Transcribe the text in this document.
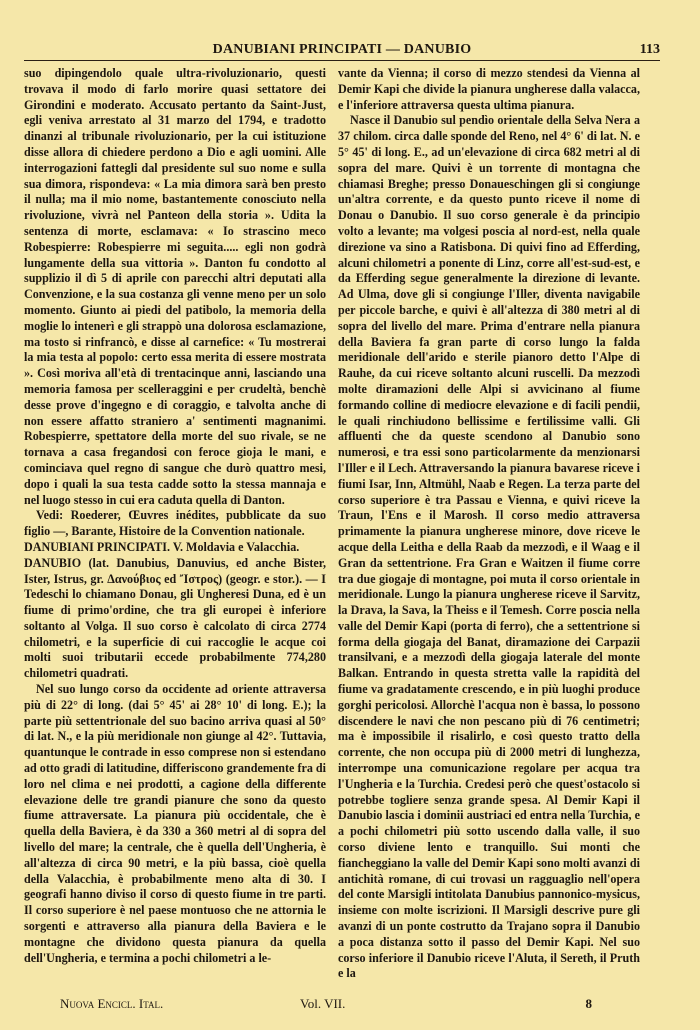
DANUBIANI PRINCIPATI — DANUBIO	113

suo dipingendolo quale ultra-rivoluzionario, questi trovava il modo di farlo morire quasi settatore dei Girondini e moderato. Accusato pertanto da Saint-Just, egli veniva arrestato al 31 marzo del 1794, e tradotto dinanzi al tribunale rivoluzionario, per la cui istituzione disse allora di chiedere perdono a Dio e agli uomini. Alle interrogazioni fattegli dal presidente sul suo nome e sulla sua dimora, rispondeva: « La mia dimora sarà ben presto il nulla; ma il mio nome, bastantemente conosciuto nella rivoluzione, vivrà nel Panteon della storia ». Udita la sentenza di morte, esclamava: « Io strascino meco Robespierre: Robespierre mi seguita..... egli non godrà lungamente della sua vittoria ». Danton fu condotto al supplizio il dì 5 di aprile con parecchi altri deputati alla Convenzione, e la sua costanza gli venne meno per un solo momento. Giunto ai piedi del patibolo, la memoria della moglie lo intenerì e gli strappò una dolorosa esclamazione, ma tosto si rinfrancò, e disse al carnefice: « Tu mostrerai la mia testa al popolo: certo essa merita di essere mostrata ». Così moriva all'età di trentacinque anni, lasciando una memoria famosa per scelleraggini e per crudeltà, benchè desse prove d'ingegno e di coraggio, e talvolta anche di non essere affatto straniero a' sentimenti magnanimi. Robespierre, spettatore della morte del suo rivale, se ne tornava a casa fregandosi con feroce gioja le mani, e cominciava quel regno di sangue che durò quattro mesi, dopo i quali la sua testa cadde sotto la stessa mannaja e nel luogo stesso in cui era caduta quella di Danton.

Vedi: Roederer, Œuvres inédites, pubblicate da suo figlio —, Barante, Histoire de la Convention nationale.

DANUBIANI PRINCIPATI. V. Moldavia e Valacchia.

DANUBIO (lat. Danubius, Danuvius, ed anche Bister, Ister, Istrus, gr. Δανούβιος ed Ἴστρος) (geogr. e stor.). — I Tedeschi lo chiamano Donau, gli Ungheresi Duna, ed è un fiume di primo'ordine, che tra gli europei è inferiore soltanto al Volga. Il suo corso è calcolato di circa 2774 chilometri, e la superficie di cui raccoglie le acque coi molti suoi tributarii eccede probabilmente 774,280 chilometri quadrati.

Nel suo lungo corso da occidente ad oriente attraversa più di 22° di long. (dai 5° 45' ai 28° 10' di long. E.); la parte più settentrionale del suo bacino arriva quasi al 50° di lat. N., e la più meridionale non giunge al 42°. Tuttavia, quantunque le contrade in esso comprese non si estendano ad otto gradi di latitudine, differiscono grandemente fra di loro nel clima e nei prodotti, a cagione della differente elevazione delle tre grandi pianure che sono da questo fiume attraversate. La pianura più occidentale, che è quella della Baviera, è da 330 a 360 metri al di sopra del livello del mare; la centrale, che è quella dell'Ungheria, è all'altezza di circa 90 metri, e la più bassa, cioè quella della Valacchia, è probabilmente meno alta di 30. I geografi hanno diviso il corso di questo fiume in tre parti. Il corso superiore è nel paese montuoso che ne attornia le sorgenti e attraverso alla pianura della Baviera e le montagne che dividono questa pianura da quella dell'Ungheria, e termina a pochi chilometri a le-

vante da Vienna; il corso di mezzo stendesi da Vienna al Demir Kapi che divide la pianura ungherese dalla valacca, e l'inferiore attraversa questa ultima pianura.

Nasce il Danubio sul pendìo orientale della Selva Nera a 37 chilom. circa dalle sponde del Reno, nel 4° 6' di lat. N. e 5° 45' di long. E., ad un'elevazione di circa 682 metri al di sopra del mare. Quivi è un torrente di montagna che chiamasi Breghe; presso Donaueschingen gli si congiunge un'altra corrente, e da questo punto riceve il nome di Donau o Danubio. Il suo corso generale è da principio volto a levante; ma volgesi poscia al nord-est, nella quale direzione va sino a Ratisbona. Di quivi fino ad Efferding, alcuni chilometri a ponente di Linz, corre all'est-sud-est, e da Efferding segue generalmente la direzione di levante. Ad Ulma, dove gli si congiunge l'Iller, diventa navigabile per piccole barche, e quivi è all'altezza di 380 metri al di sopra del livello del mare. Prima d'entrare nella pianura della Baviera fa gran parte di corso lungo la falda meridionale dell'arido e sterile pianoro detto l'Alpe di Rauhe, da cui riceve soltanto alcuni ruscelli. Da mezzodì molte diramazioni delle Alpi si avvicinano al fiume formando colline di mediocre elevazione e di facili pendii, le quali rinchiudono bellissime e fertilissime valli. Gli affluenti che da queste scendono al Danubio sono numerosi, e tra essi sono particolarmente da menzionarsi l'Iller e il Lech. Attraversando la pianura bavarese riceve i fiumi Isar, Inn, Altmühl, Naab e Regen. La terza parte del corso superiore è tra Passau e Vienna, e quivi riceve la Traun, l'Ens e il Marosh. Il corso medio attraversa primamente la pianura ungherese minore, dove riceve le acque della Leitha e della Raab da mezzodì, e il Waag e il Gran da settentrione. Fra Gran e Waitzen il fiume corre tra due giogaje di montagne, poi muta il corso orientale in meridionale. Lungo la pianura ungherese riceve il Sarvitz, la Drava, la Sava, la Theiss e il Temesh. Corre poscia nella valle del Demir Kapi (porta di ferro), che a settentrione si forma della giogaja del Banat, diramazione dei Carpazii transilvani, e a mezzodì della giogaja laterale del monte Balkan. Entrando in questa stretta valle la rapidità del fiume va gradatamente crescendo, e in più luoghi produce gorghi pericolosi. Allorchè l'acqua non è bassa, lo possono discendere le navi che non pescano più di 76 centimetri; ma è impossibile il risalirlo, e così questo tratto della corrente, che non occupa più di 2000 metri di lunghezza, interrompe una comunicazione regolare per acqua tra l'Ungheria e la Turchia. Credesi però che quest'ostacolo si potrebbe togliere senza grande spesa. Al Demir Kapi il Danubio lascia i dominii austriaci ed entra nella Turchia, e a pochi chilometri più sotto uscendo dalla valle, il suo corso diviene lento e tranquillo. Sui monti che fiancheggiano la valle del Demir Kapi sono molti avanzi di antichità romane, di cui trovasi un ragguaglio nell'opera del conte Marsigli intitolata Danubius pannonico-mysicus, insieme con molte iscrizioni. Il Marsigli descrive pure gli avanzi di un ponte costrutto da Trajano sopra il Danubio a poca distanza sotto il passo del Demir Kapi. Nel suo corso inferiore il Danubio riceve l'Aluta, il Sereth, il Pruth e la

Nuova Encicl. Ital.	Vol. VII.	8
